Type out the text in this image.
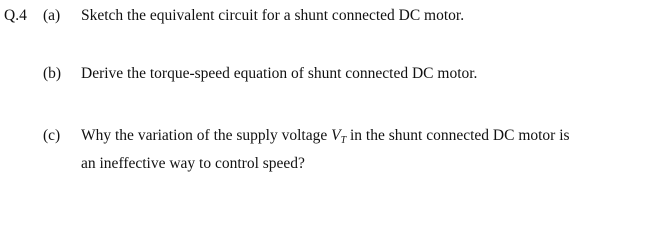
Q.4 (a) Sketch the equivalent circuit for a shunt connected DC motor.
(b) Derive the torque-speed equation of shunt connected DC motor.
(c) Why the variation of the supply voltage $V_T$ in the shunt connected DC motor is
an ineffective way to control speed?
